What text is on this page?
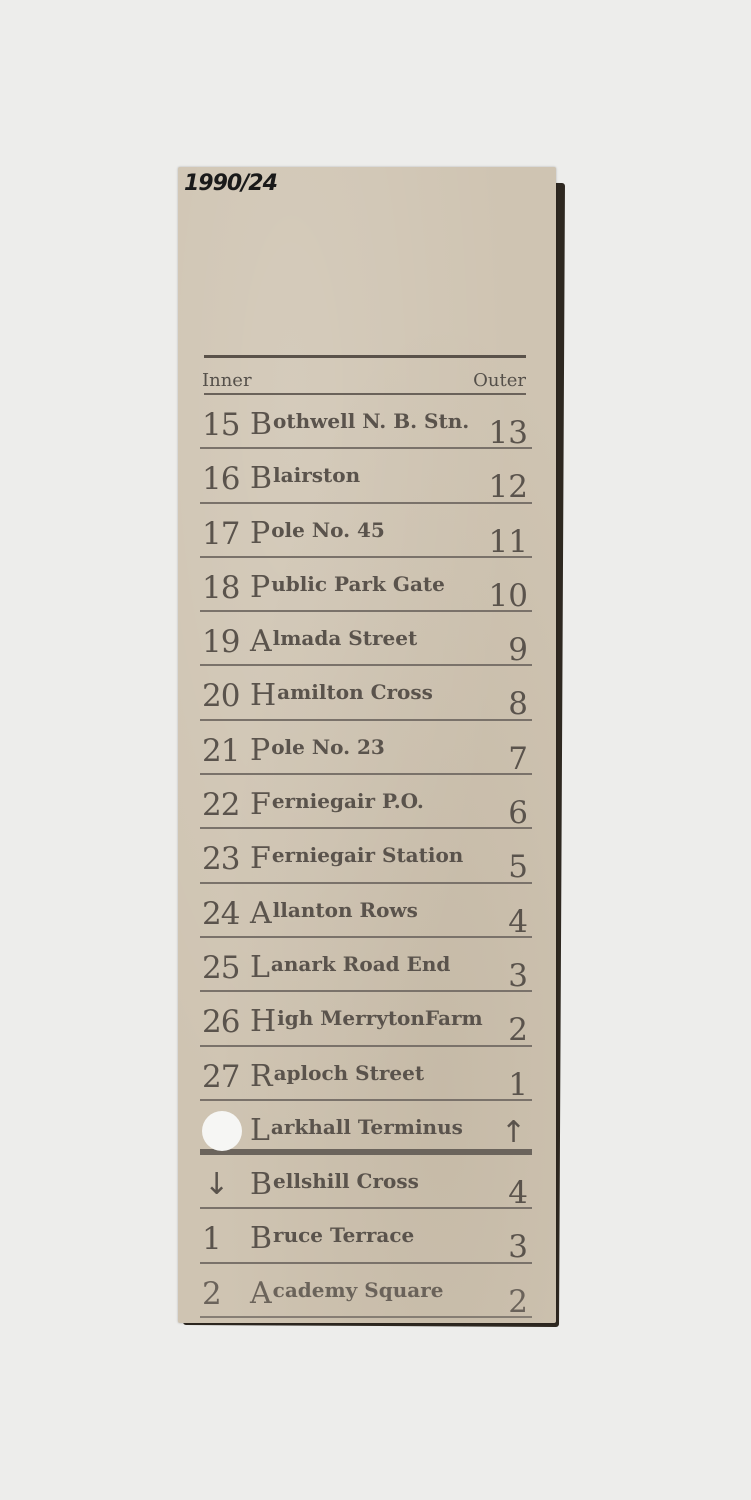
1990/24
Inner	Outer
15 Bothwell N. B. Stn. 13
16 Blairston	12
17 Pole No. 45	11
18 Public Park Gate 10
19 Almada Street	9
20 Hamilton Cross 8
21 Pole No. 23	7
22 Ferniegair P.O.	6
23 Ferniegair Station 5
24 Allanton Rows	4
25 Lanark Road End 3
26 High MerrytonFarm 2
27 Raploch Street	1
Larkhall Terminus ↑
↓ Bellshill Cross	4
1 Bruce Terrace	3
2 Academy Square 2
